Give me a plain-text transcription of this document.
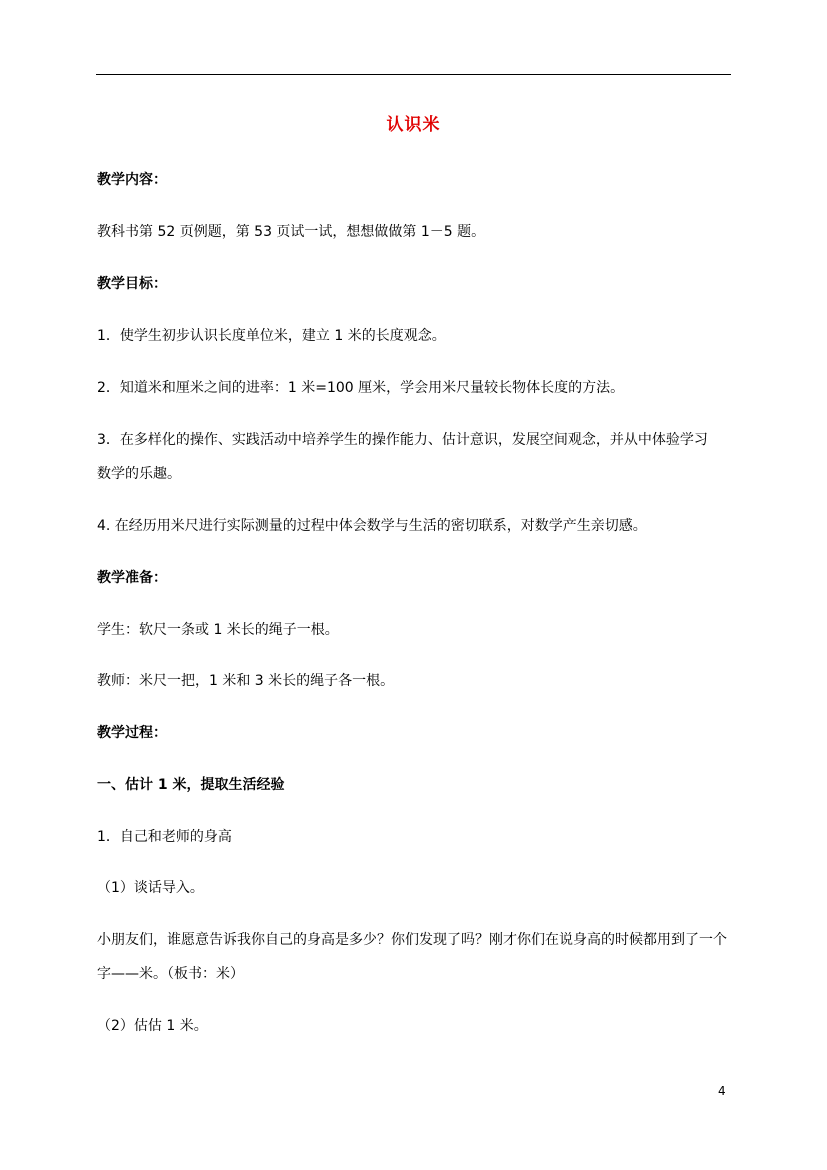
认识米
教学内容：
教科书第 52 页例题，第 53 页试一试，想想做做第 1－5 题。
教学目标：
1．使学生初步认识长度单位米，建立 1 米的长度观念。
2．知道米和厘米之间的进率：1 米=100 厘米，学会用米尺量较长物体长度的方法。
3．在多样化的操作、实践活动中培养学生的操作能力、估计意识，发展空间观念，并从中体验学习数学的乐趣。
4. 在经历用米尺进行实际测量的过程中体会数学与生活的密切联系，对数学产生亲切感。
教学准备：
学生：软尺一条或 1 米长的绳子一根。
教师：米尺一把，1 米和 3 米长的绳子各一根。
教学过程：
一、估计 1 米，提取生活经验
1．自己和老师的身高
（1）谈话导入。
小朋友们，谁愿意告诉我你自己的身高是多少？你们发现了吗？刚才你们在说身高的时候都用到了一个字——米。（板书：米）
（2）估估 1 米。
4
